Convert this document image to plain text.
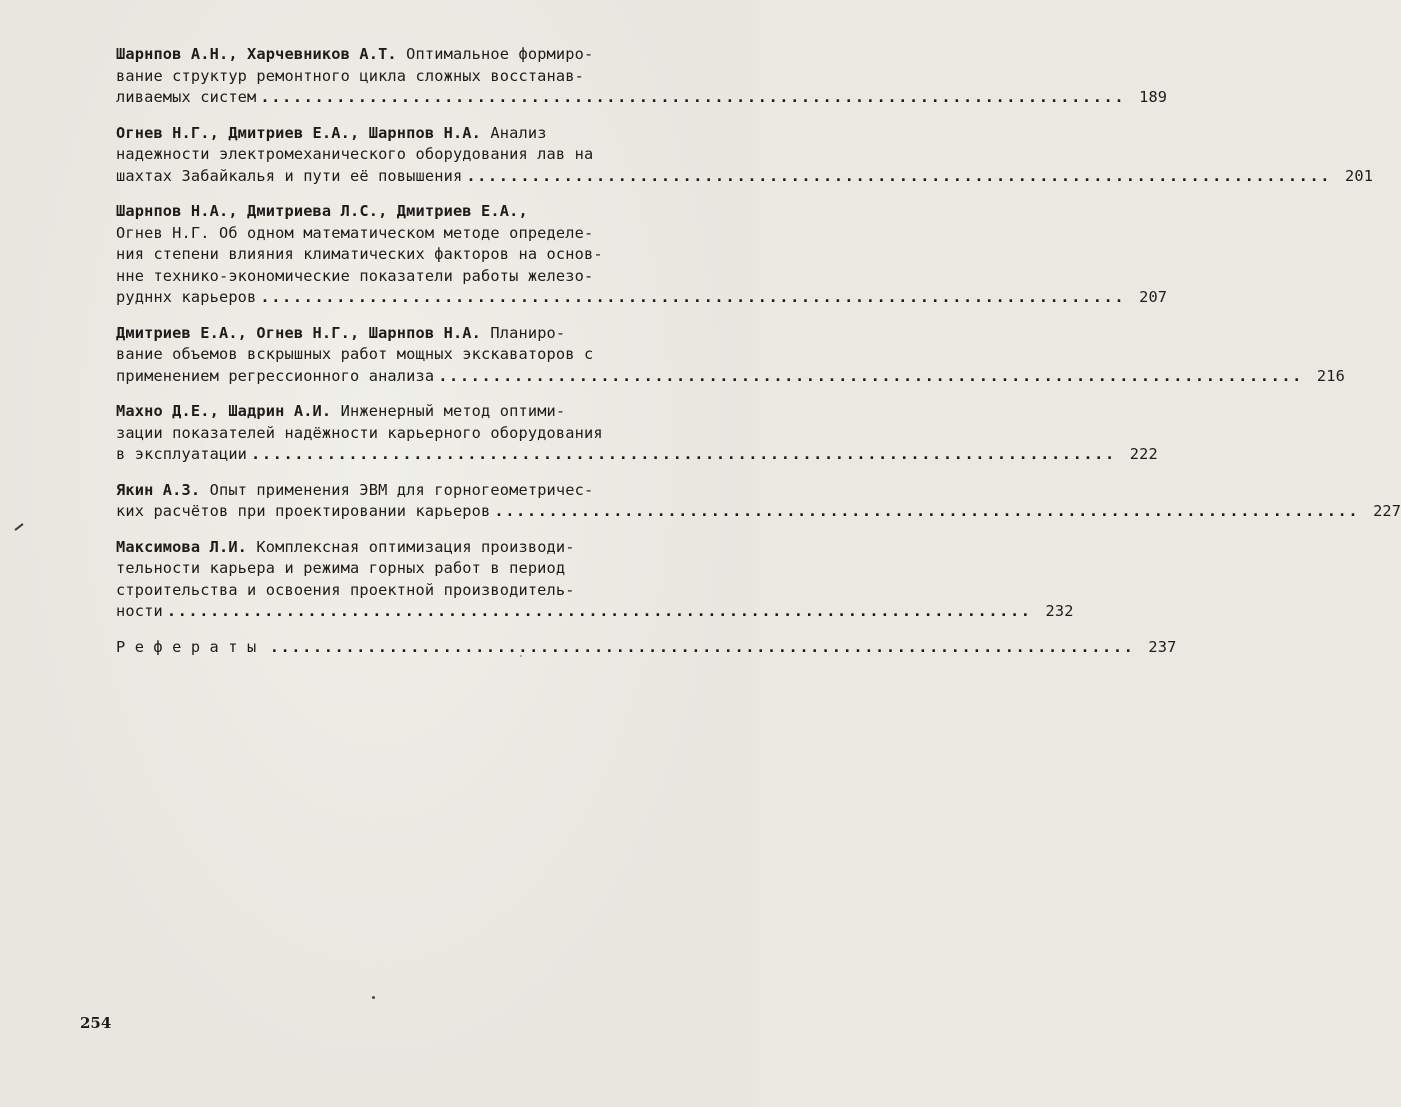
Шарнпов А.Н., Харчевников А.Т. Оптимальное формиро-
вание структур ремонтного цикла сложных восстанав-
ливаемых систем ................................................................................ 189
Огнев Н.Г., Дмитриев Е.А., Шарнпов Н.А. Анализ
надежности электромеханического оборудования лав на
шахтах Забайкалья и пути её повышения ................................................................................ 201
Шарнпов Н.А., Дмитриева Л.С., Дмитриев Е.А.,
Огнев Н.Г. Об одном математическом методе определе-
ния степени влияния климатических факторов на основ-
нне технико-экономические показатели работы железо-
рудннх карьеров ................................................................................ 207
Дмитриев Е.А., Огнев Н.Г., Шарнпов Н.А. Планиро-
вание объемов вскрышных работ мощных экскаваторов с
применением регрессионного анализа ................................................................................ 216
Махно Д.Е., Шадрин А.И. Инженерный метод оптими-
зации показателей надёжности карьерного оборудования
в эксплуатации ................................................................................ 222
Якин А.З. Опыт применения ЭВМ для горногеометричес-
ких расчётов при проектировании карьеров ................................................................................ 227
Максимова Л.И. Комплексная оптимизация производи-
тельности карьера и режима горных работ в период
строительства и освоения проектной производитель-
ности ................................................................................ 232
Рефераты ................................................................................ 237
254
